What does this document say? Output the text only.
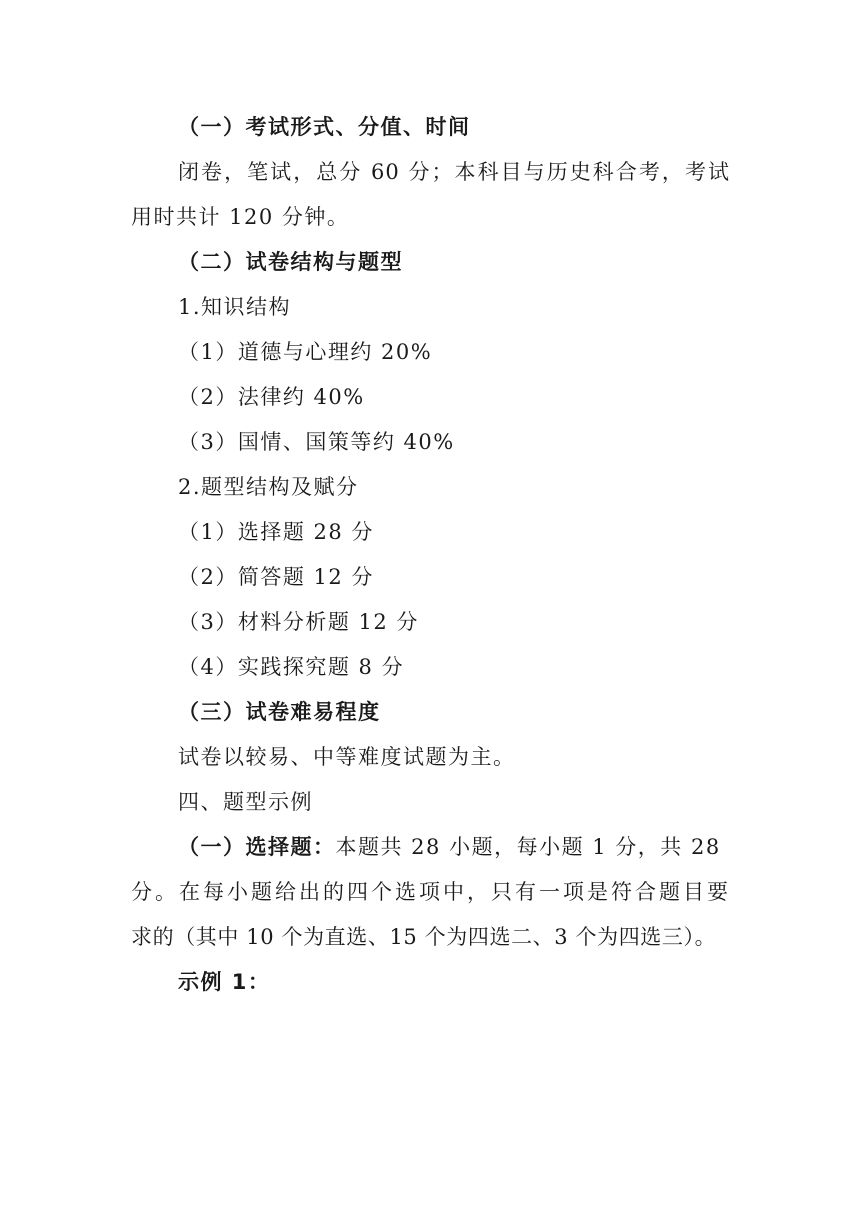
（一）考试形式、分值、时间
闭卷，笔试，总分 60 分；本科目与历史科合考，考试
用时共计 120 分钟。
（二）试卷结构与题型
1.知识结构
（1）道德与心理约 20%
（2）法律约 40%
（3）国情、国策等约 40%
2.题型结构及赋分
（1）选择题 28 分
（2）简答题 12 分
（3）材料分析题 12 分
（4）实践探究题 8 分
（三）试卷难易程度
试卷以较易、中等难度试题为主。
四、题型示例
（一）选择题：本题共 28 小题，每小题 1 分，共 28
分。在每小题给出的四个选项中，只有一项是符合题目要
求的（其中 10 个为直选、15 个为四选二、3 个为四选三）。
示例 1：
